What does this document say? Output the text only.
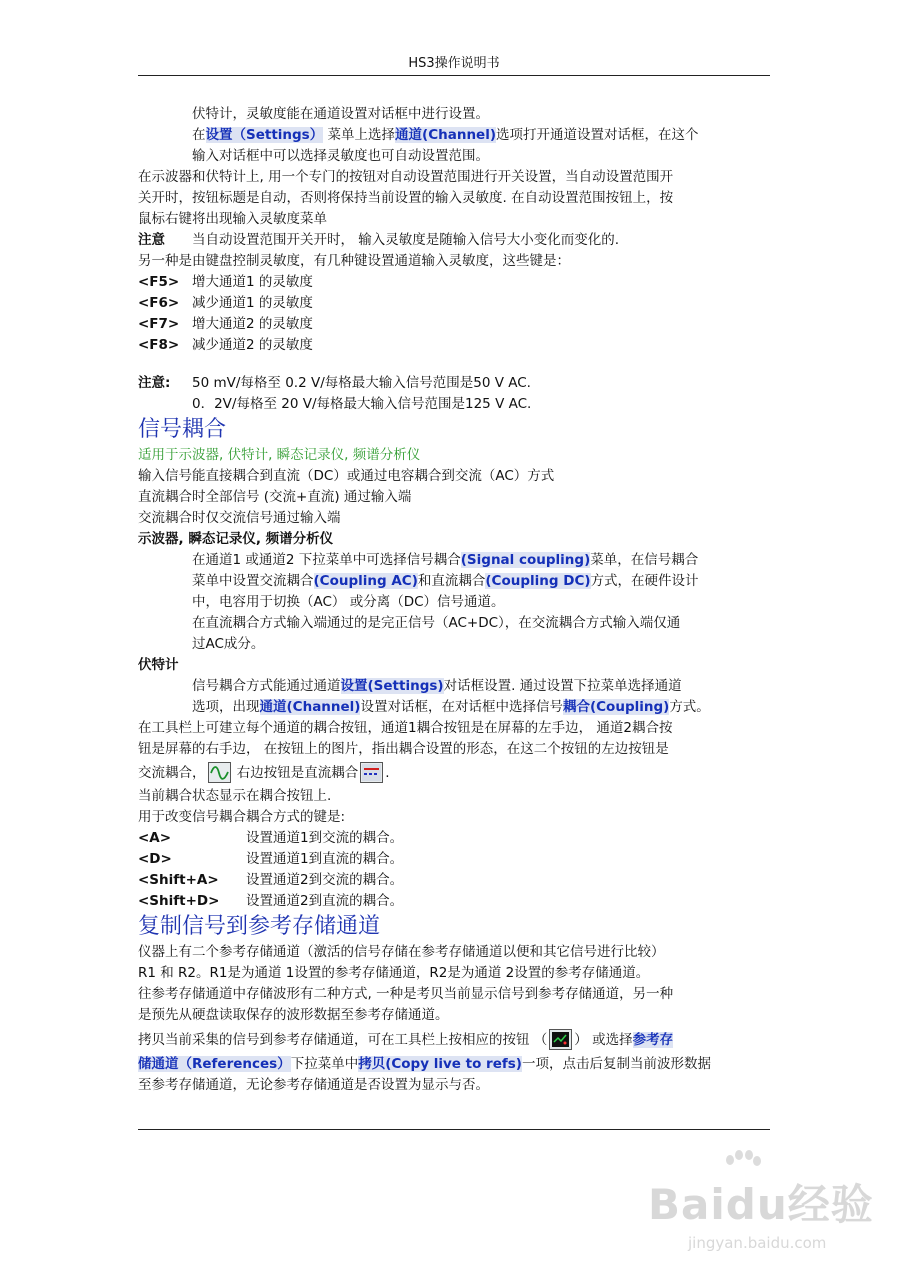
HS3操作说明书
伏特计，灵敏度能在通道设置对话框中进行设置。
在设置（Settings） 菜单上选择通道(Channel)选项打开通道设置对话框，在这个
输入对话框中可以选择灵敏度也可自动设置范围。
在示波器和伏特计上, 用一个专门的按钮对自动设置范围进行开关设置，当自动设置范围开
关开时，按钮标题是自动，否则将保持当前设置的输入灵敏度. 在自动设置范围按钮上，按
鼠标右键将出现输入灵敏度菜单
注意 当自动设置范围开关开时， 输入灵敏度是随输入信号大小变化而变化的.
另一种是由键盘控制灵敏度，有几种键设置通道输入灵敏度，这些键是：
<F5> 增大通道1 的灵敏度
<F6> 减少通道1 的灵敏度
<F7> 增大通道2 的灵敏度
<F8> 减少通道2 的灵敏度
注意: 50 mV/每格至 0.2 V/每格最大输入信号范围是50 V AC.
0．2V/每格至 20 V/每格最大输入信号范围是125 V AC.
信号耦合
适用于示波器, 伏特计, 瞬态记录仪, 频谱分析仪
输入信号能直接耦合到直流（DC）或通过电容耦合到交流（AC）方式
直流耦合时全部信号 (交流+直流) 通过输入端
交流耦合时仅交流信号通过输入端
示波器, 瞬态记录仪, 频谱分析仪
在通道1 或通道2 下拉菜单中可选择信号耦合(Signal coupling)菜单，在信号耦合
菜单中设置交流耦合(Coupling AC)和直流耦合(Coupling DC)方式，在硬件设计
中，电容用于切换（AC） 或分离（DC）信号通道。
在直流耦合方式输入端通过的是完正信号（AC+DC），在交流耦合方式输入端仅通
过AC成分。
伏特计
信号耦合方式能通过通道设置(Settings)对话框设置. 通过设置下拉菜单选择通道
选项，出现通道(Channel)设置对话框，在对话框中选择信号耦合(Coupling)方式。
在工具栏上可建立每个通道的耦合按钮，通道1耦合按钮是在屏幕的左手边， 通道2耦合按
钮是屏幕的右手边， 在按钮上的图片，指出耦合设置的形态，在这二个按钮的左边按钮是
交流耦合， 右边按钮是直流耦合 .
当前耦合状态显示在耦合按钮上.
用于改变信号耦合耦合方式的键是:
<A>	设置通道1到交流的耦合。
<D>	设置通道1到直流的耦合。
<Shift+A> 设置通道2到交流的耦合。
<Shift+D> 设置通道2到直流的耦合。
复制信号到参考存储通道
仪器上有二个参考存储通道（激活的信号存储在参考存储通道以便和其它信号进行比较）
R1 和 R2。R1是为通道 1设置的参考存储通道，R2是为通道 2设置的参考存储通道。
往参考存储通道中存储波形有二种方式, 一种是考贝当前显示信号到参考存储通道，另一种
是预先从硬盘读取保存的波形数据至参考存储通道。
拷贝当前采集的信号到参考存储通道，可在工具栏上按相应的按钮 （ ） 或选择参考存
储通道（References）下拉菜单中拷贝(Copy live to refs)一项，点击后复制当前波形数据
至参考存储通道，无论参考存储通道是否设置为显示与否。
Baidu经验
jingyan.baidu.com
